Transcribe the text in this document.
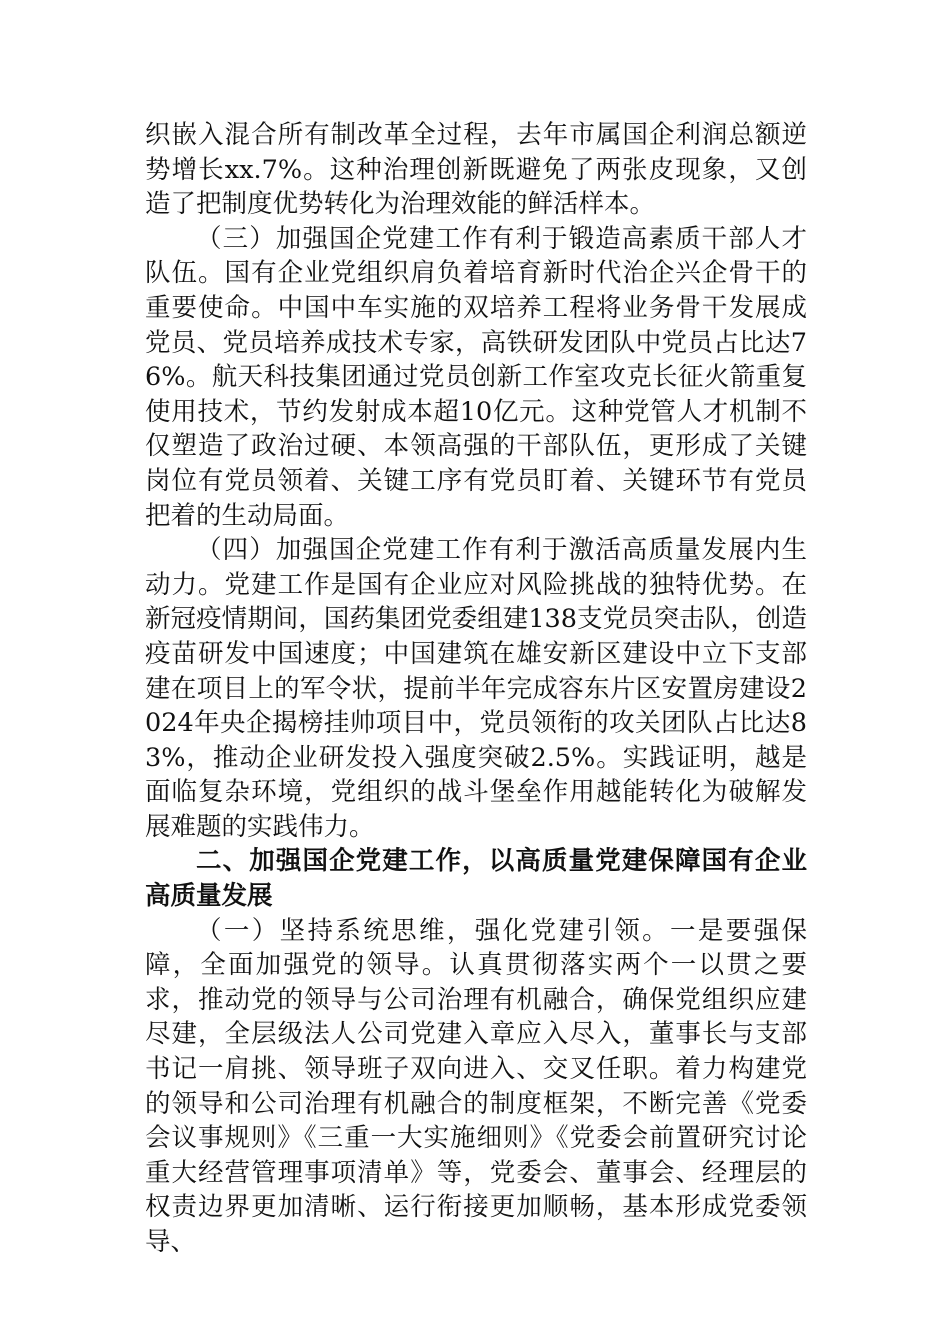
织嵌入混合所有制改革全过程，去年市属国企利润总额逆势增长xx.7%。这种治理创新既避免了两张皮现象，又创造了把制度优势转化为治理效能的鲜活样本。

（三）加强国企党建工作有利于锻造高素质干部人才队伍。国有企业党组织肩负着培育新时代治企兴企骨干的重要使命。中国中车实施的双培养工程将业务骨干发展成党员、党员培养成技术专家，高铁研发团队中党员占比达76%。航天科技集团通过党员创新工作室攻克长征火箭重复使用技术，节约发射成本超10亿元。这种党管人才机制不仅塑造了政治过硬、本领高强的干部队伍，更形成了关键岗位有党员领着、关键工序有党员盯着、关键环节有党员把着的生动局面。

（四）加强国企党建工作有利于激活高质量发展内生动力。党建工作是国有企业应对风险挑战的独特优势。在新冠疫情期间，国药集团党委组建138支党员突击队，创造疫苗研发中国速度；中国建筑在雄安新区建设中立下支部建在项目上的军令状，提前半年完成容东片区安置房建设2024年央企揭榜挂帅项目中，党员领衔的攻关团队占比达83%，推动企业研发投入强度突破2.5%。实践证明，越是面临复杂环境，党组织的战斗堡垒作用越能转化为破解发展难题的实践伟力。

二、加强国企党建工作，以高质量党建保障国有企业高质量发展

（一）坚持系统思维，强化党建引领。一是要强保障，全面加强党的领导。认真贯彻落实两个一以贯之要求，推动党的领导与公司治理有机融合，确保党组织应建尽建，全层级法人公司党建入章应入尽入，董事长与支部书记一肩挑、领导班子双向进入、交叉任职。着力构建党的领导和公司治理有机融合的制度框架，不断完善《党委会议事规则》《三重一大实施细则》《党委会前置研究讨论重大经营管理事项清单》等，党委会、董事会、经理层的权责边界更加清晰、运行衔接更加顺畅，基本形成党委领导、
